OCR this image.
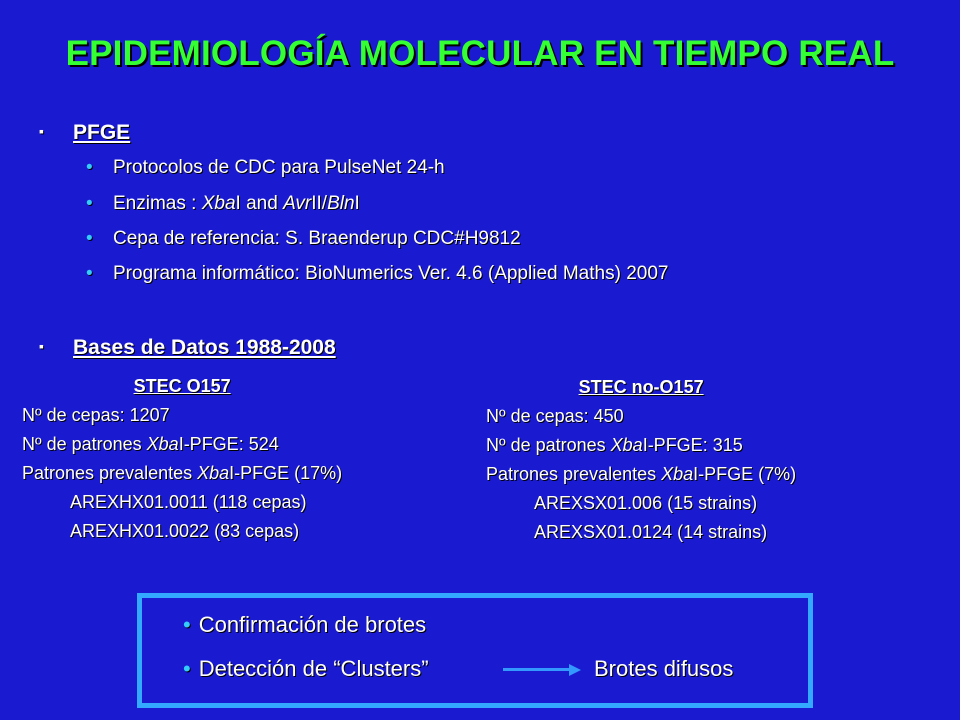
EPIDEMIOLOGÍA MOLECULAR EN TIEMPO REAL
▪ PFGE
• Protocolos de CDC para PulseNet 24-h
• Enzimas : XbaI and AvrII/BlnI
• Cepa de referencia: S. Braenderup CDC#H9812
• Programa informático: BioNumerics Ver. 4.6 (Applied Maths) 2007
▪ Bases de Datos 1988-2008
STEC O157
Nº de cepas: 1207
Nº de patrones XbaI-PFGE: 524
Patrones prevalentes XbaI-PFGE (17%)
AREXHX01.0011 (118 cepas)
AREXHX01.0022 (83 cepas)
STEC no-O157
Nº de cepas: 450
Nº de patrones XbaI-PFGE: 315
Patrones prevalentes XbaI-PFGE (7%)
AREXSX01.006 (15 strains)
AREXSX01.0124 (14 strains)
• Confirmación de brotes
• Detección de “Clusters”	Brotes difusos
